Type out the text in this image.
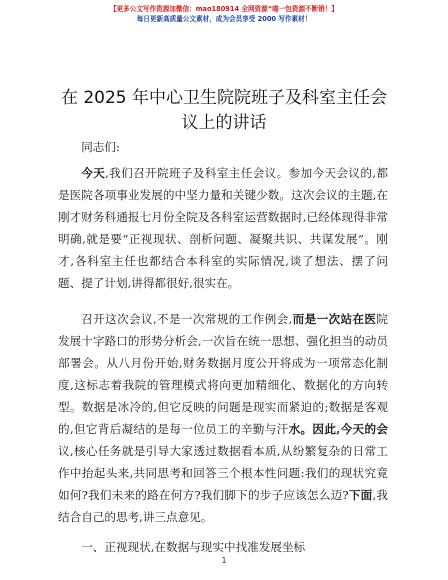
【更多公文写作资源加微信：mao180914 全网资源“喵一包资源不断销！】
每日更新高质量公文素材，成为会员享受 2000 写作素材！
在 2025 年中心卫生院院班子及科室主任会议上的讲话

同志们:

今天,我们召开院班子及科室主任会议。参加今天会议的,都是医院各项事业发展的中坚力量和关键少数。这次会议的主题,在刚才财务科通报七月份全院及各科室运营数据时,已经体现得非常明确,就是要“正视现状、剖析问题、凝聚共识、共谋发展”。刚才,各科室主任也都结合本科室的实际情况,谈了想法、摆了问题、提了计划,讲得都很好,很实在。

召开这次会议,不是一次常规的工作例会,而是一次站在医院发展十字路口的形势分析会,一次旨在统一思想、强化担当的动员部署会。从八月份开始,财务数据月度公开将成为一项常态化制度,这标志着我院的管理模式将向更加精细化、数据化的方向转型。数据是冰冷的,但它反映的问题是现实而紧迫的;数据是客观的,但它背后凝结的是每一位员工的辛勤与汗水。因此,今天的会议,核心任务就是引导大家透过数据看本质,从纷繁复杂的日常工作中抬起头来,共同思考和回答三个根本性问题:我们的现状究竟如何?我们未来的路在何方?我们脚下的步子应该怎么迈?下面,我结合自己的思考,讲三点意见。

一、正视现状,在数据与现实中找准发展坐标

1
